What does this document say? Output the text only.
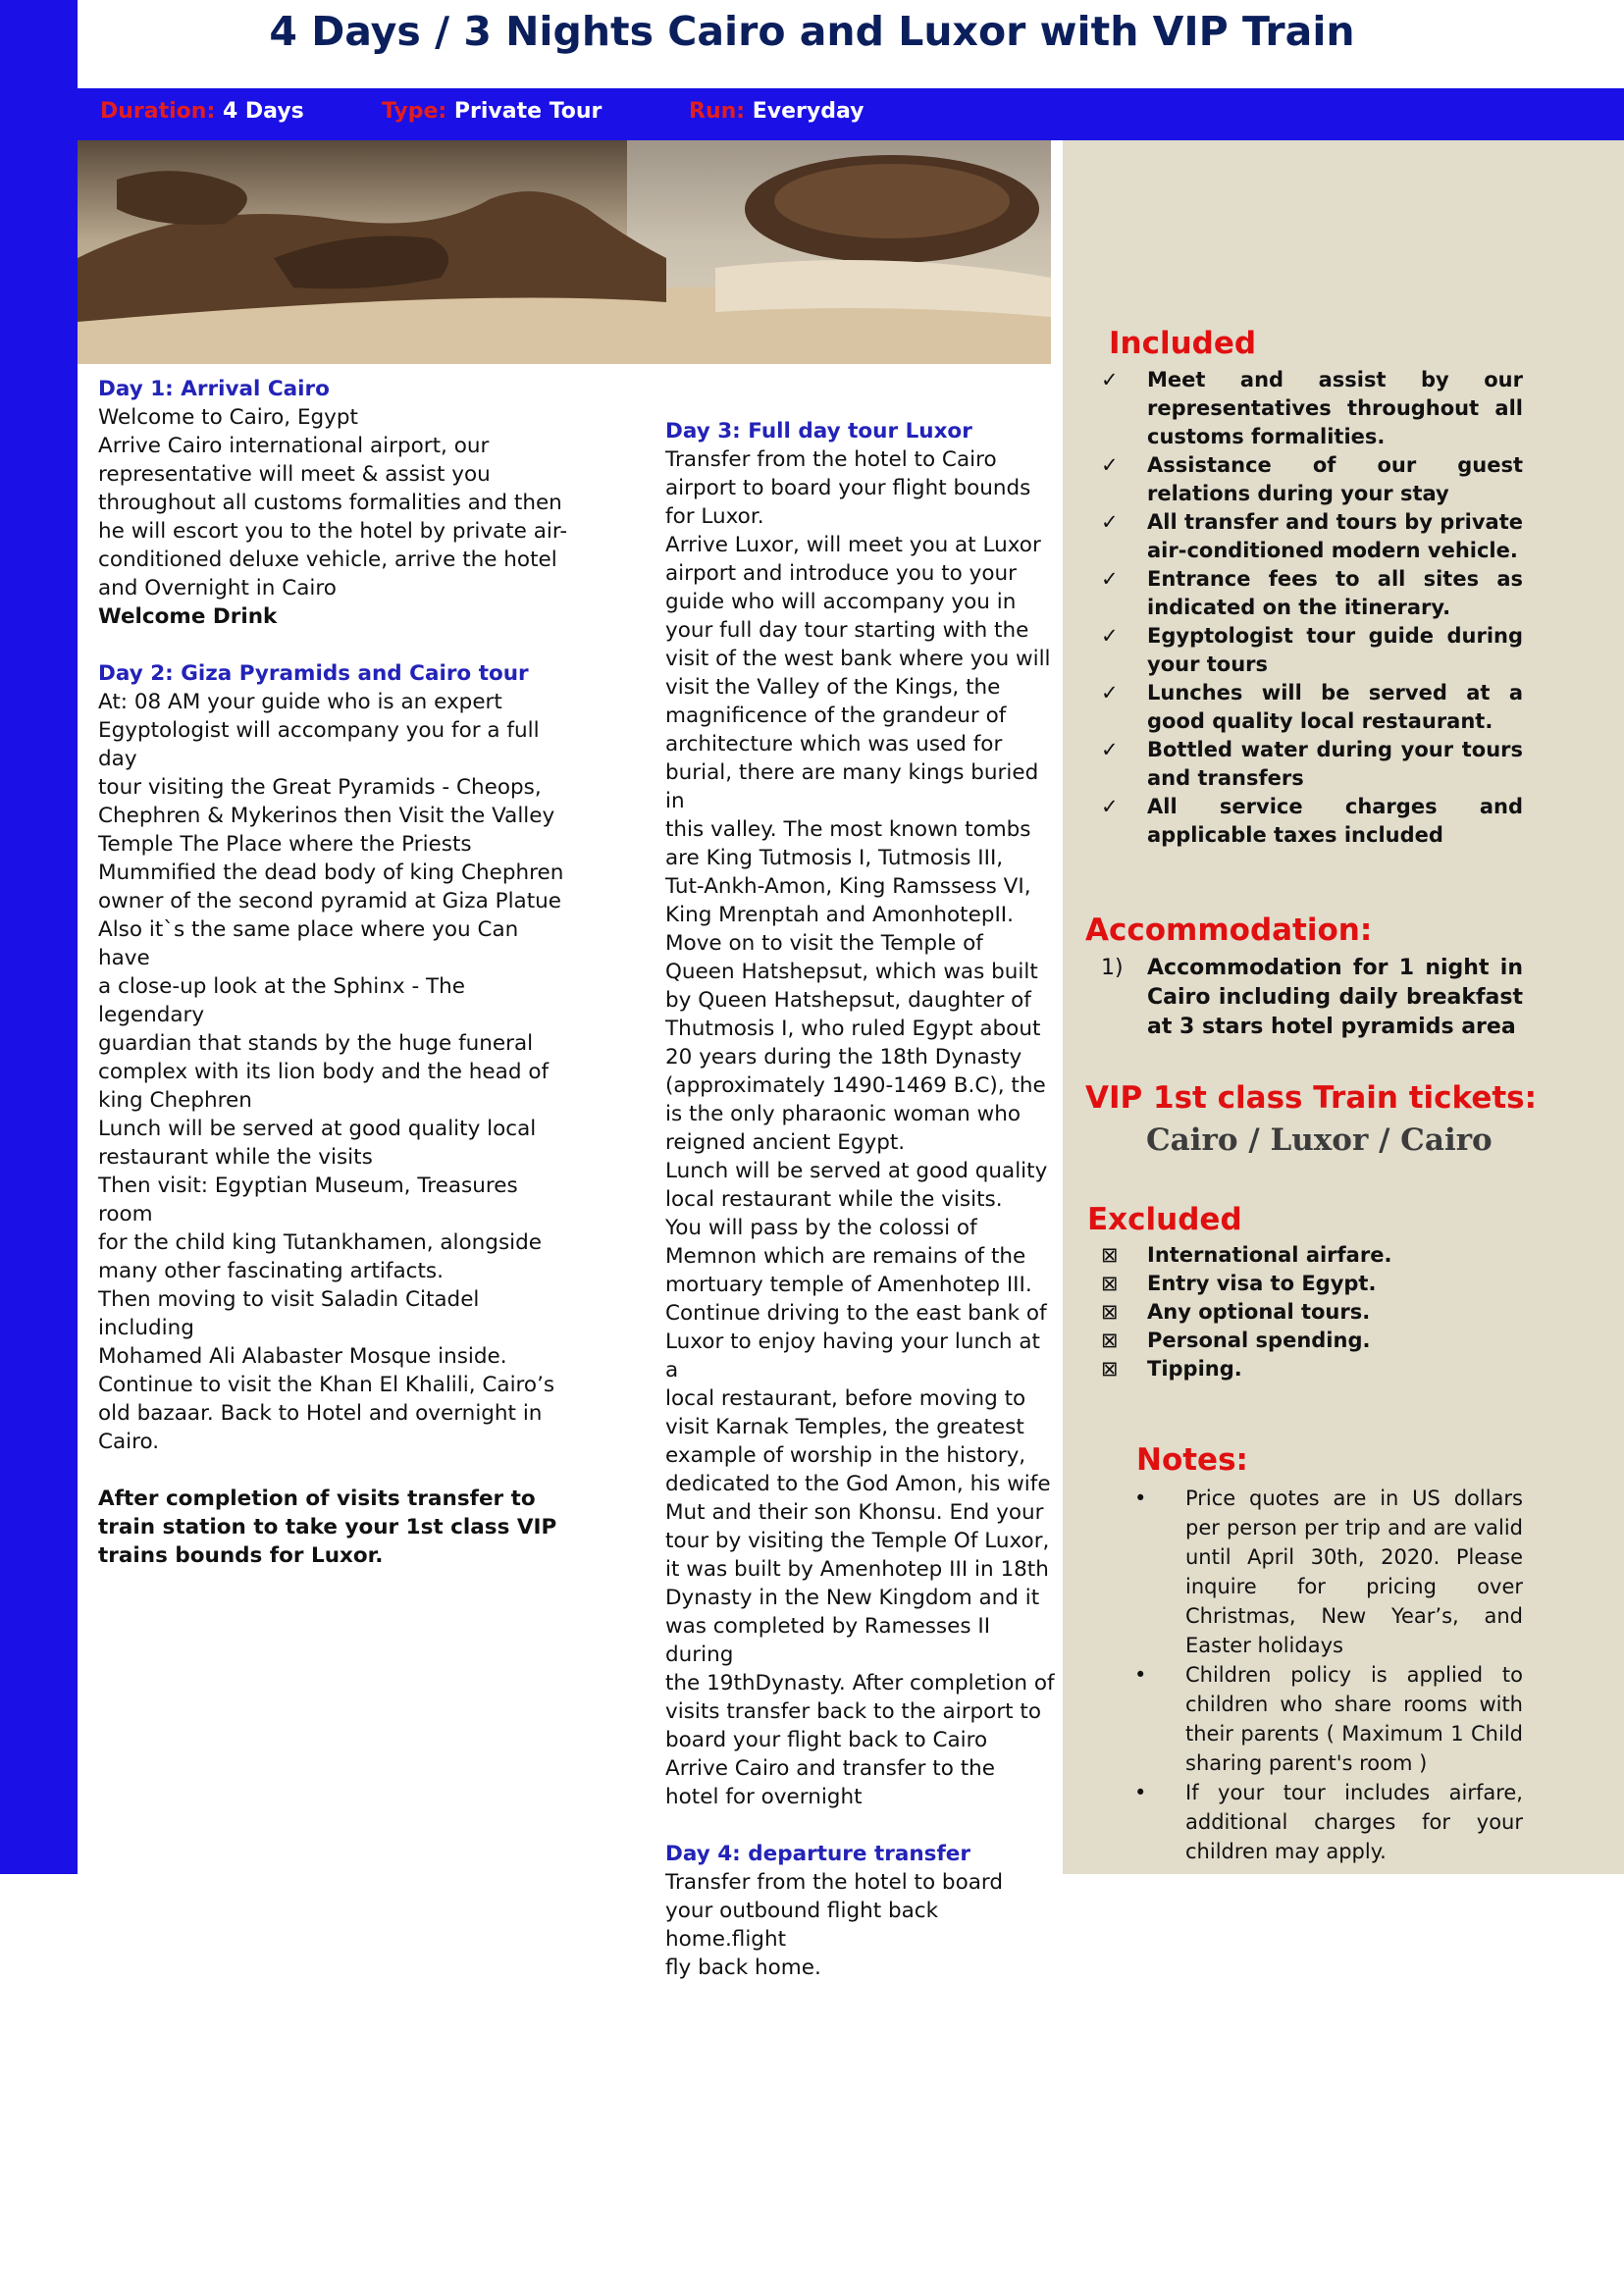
4 Days / 3 Nights Cairo and Luxor with VIP Train
Duration: 4 Days	Type: Private Tour	Run: Everyday

Day 1: Arrival Cairo

Welcome to Cairo, Egypt

Arrive Cairo international airport, our

representative will meet & assist you

throughout all customs formalities and then

he will escort you to the hotel by private air-

conditioned deluxe vehicle, arrive the hotel

and Overnight in Cairo

Welcome Drink

Day 2: Giza Pyramids and Cairo tour

At: 08 AM your guide who is an expert

Egyptologist will accompany you for a full day

tour visiting the Great Pyramids - Cheops,

Chephren & Mykerinos then Visit the Valley

Temple The Place where the Priests

Mummified the dead body of king Chephren

owner of the second pyramid at Giza Platue

Also it`s the same place where you Can have

a close-up look at the Sphinx - The legendary

guardian that stands by the huge funeral

complex with its lion body and the head of

king Chephren

Lunch will be served at good quality local

restaurant while the visits

Then visit: Egyptian Museum, Treasures room

for the child king Tutankhamen, alongside

many other fascinating artifacts.

Then moving to visit Saladin Citadel including

Mohamed Ali Alabaster Mosque inside.

Continue to visit the Khan El Khalili, Cairo’s

old bazaar. Back to Hotel and overnight in

Cairo.

After completion of visits transfer to

train station to take your 1st class VIP

trains bounds for Luxor.

Day 3: Full day tour Luxor

Transfer from the hotel to Cairo

airport to board your flight bounds

for Luxor.

Arrive Luxor, will meet you at Luxor

airport and introduce you to your

guide who will accompany you in

your full day tour starting with the

visit of the west bank where you will

visit the Valley of the Kings, the

magnificence of the grandeur of

architecture which was used for

burial, there are many kings buried in

this valley. The most known tombs

are King Tutmosis I, Tutmosis III,

Tut-Ankh-Amon, King Ramssess VI,

King Mrenptah and AmonhotepII.

Move on to visit the Temple of

Queen Hatshepsut, which was built

by Queen Hatshepsut, daughter of

Thutmosis I, who ruled Egypt about

20 years during the 18th Dynasty

(approximately 1490-1469 B.C), the

is the only pharaonic woman who

reigned ancient Egypt.

Lunch will be served at good quality

local restaurant while the visits.

You will pass by the colossi of

Memnon which are remains of the

mortuary temple of Amenhotep III.

Continue driving to the east bank of

Luxor to enjoy having your lunch at a

local restaurant, before moving to

visit Karnak Temples, the greatest

example of worship in the history,

dedicated to the God Amon, his wife

Mut and their son Khonsu. End your

tour by visiting the Temple Of Luxor,

it was built by Amenhotep III in 18th

Dynasty in the New Kingdom and it

was completed by Ramesses II during

the 19thDynasty. After completion of

visits transfer back to the airport to

board your flight back to Cairo

Arrive Cairo and transfer to the

hotel for overnight

Day 4: departure transfer

Transfer from the hotel to board

your outbound flight back home.flight

fly back home.

Included
✓ Meet and assist by our representatives throughout all customs formalities.
✓ Assistance of our guest relations during your stay
✓ All transfer and tours by private air-conditioned modern vehicle.
✓ Entrance fees to all sites as indicated on the itinerary.
✓ Egyptologist tour guide during your tours
✓ Lunches will be served at a good quality local restaurant.
✓ Bottled water during your tours and transfers
✓ All service charges and applicable taxes included
Accommodation:
1) Accommodation for 1 night in Cairo including daily breakfast at 3 stars hotel pyramids area
VIP 1st class Train tickets:
Cairo / Luxor / Cairo
Excluded
⊠ International airfare.
⊠ Entry visa to Egypt.
⊠ Any optional tours.
⊠ Personal spending.
⊠ Tipping.
Notes:
• Price quotes are in US dollars per person per trip and are valid until April 30th, 2020. Please inquire for pricing over Christmas, New Year’s, and Easter holidays
• Children policy is applied to children who share rooms with their parents ( Maximum 1 Child sharing parent's room )
• If your tour includes airfare, additional charges for your children may apply.
